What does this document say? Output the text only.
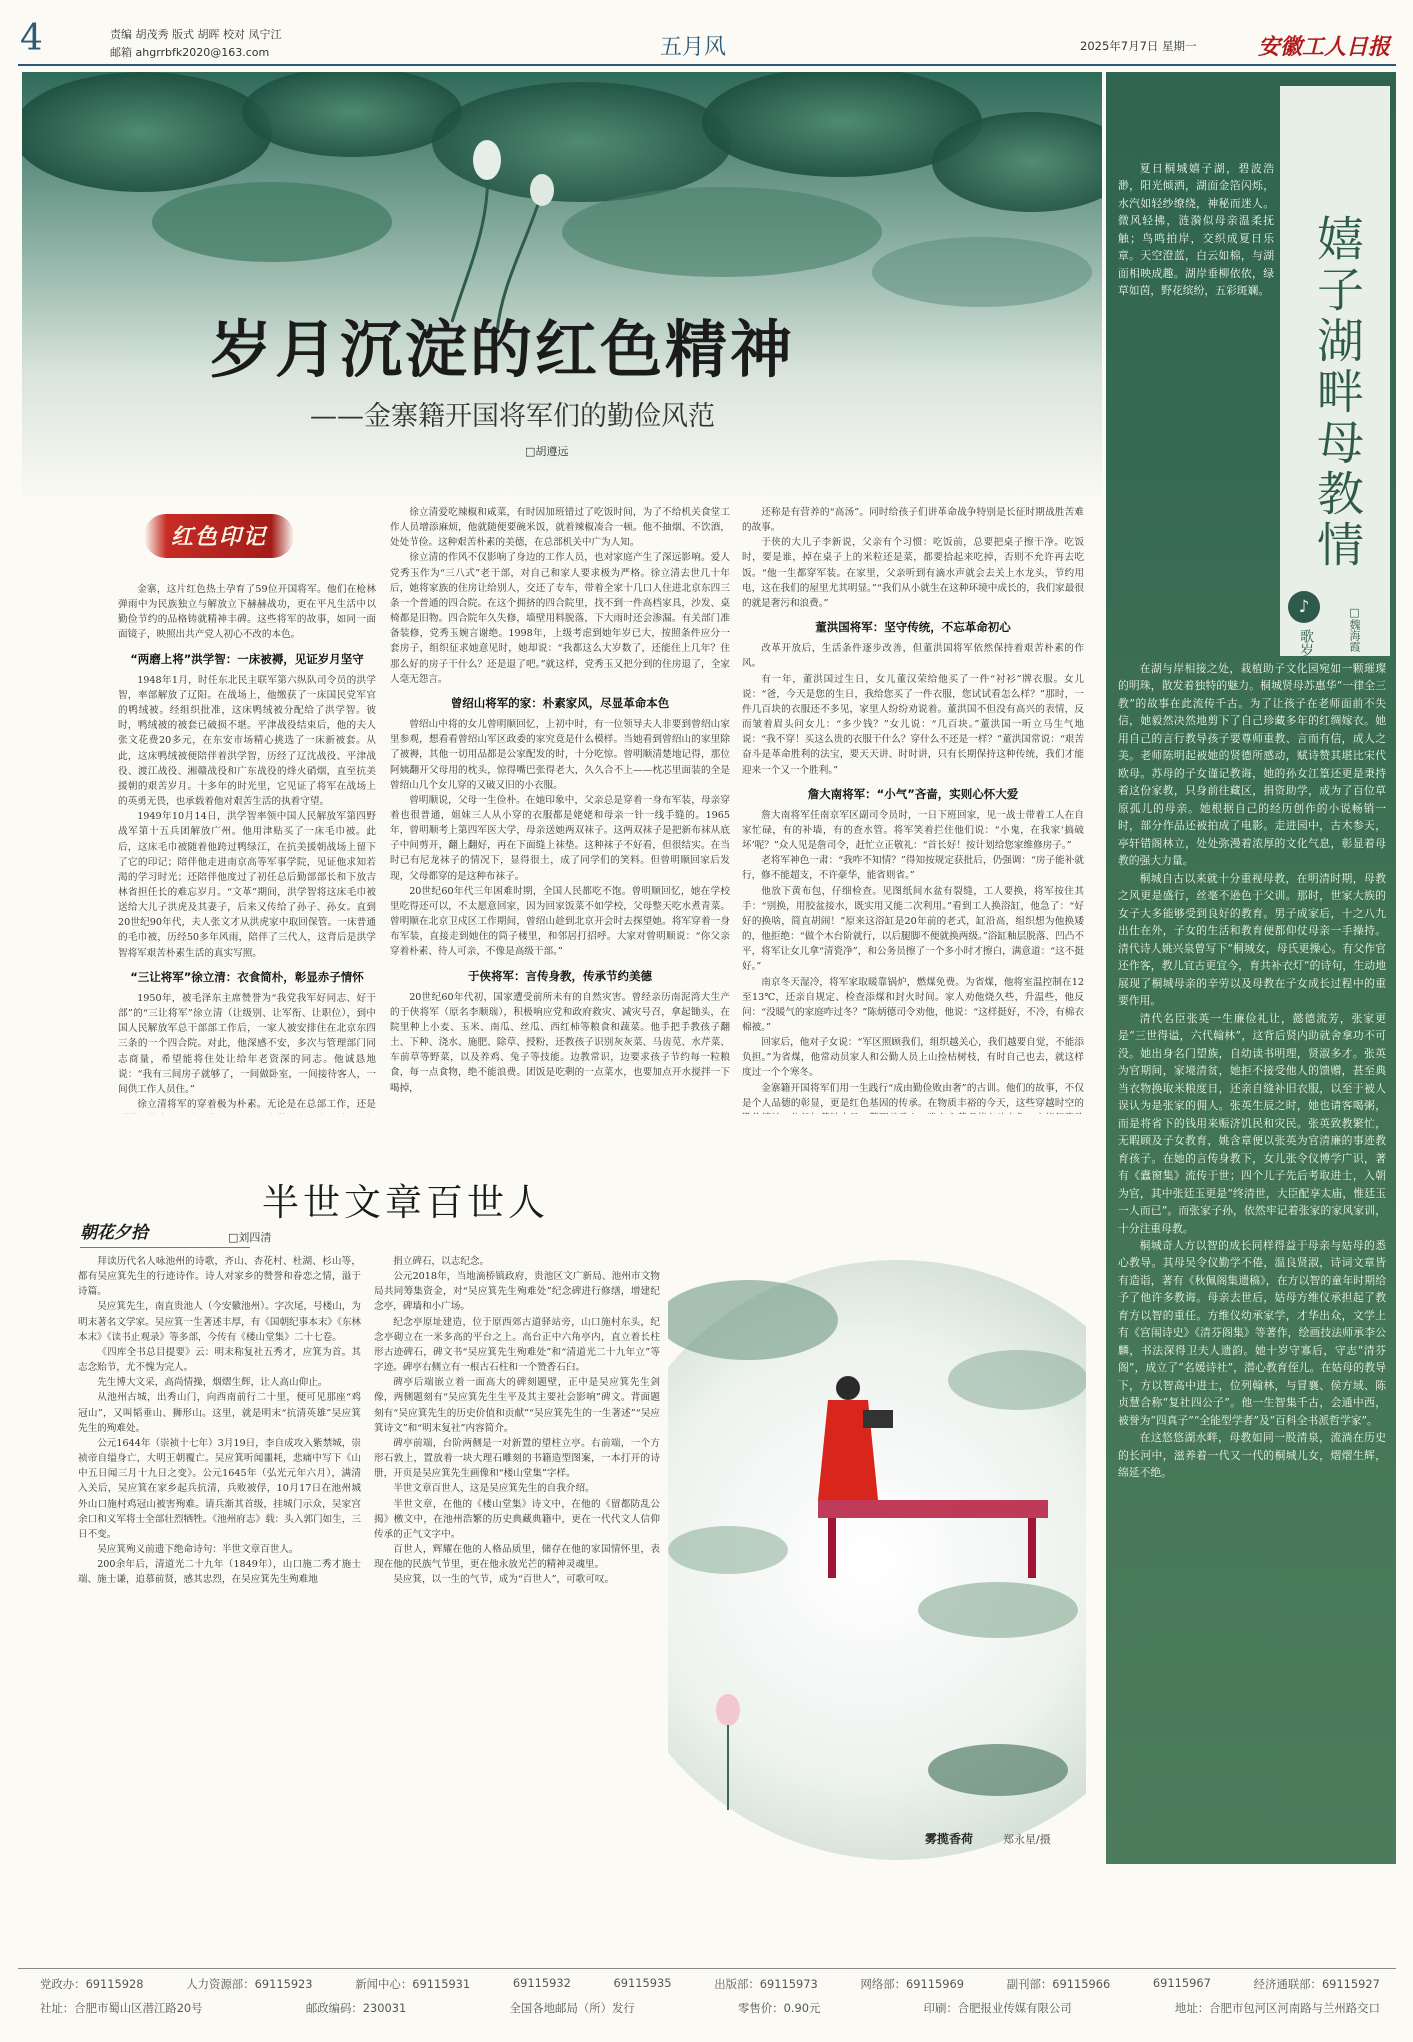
4	责编 胡茂秀 版式 胡晖 校对 凤宁江
邮箱 ahgrrbfk2020@163.com	五月风	2025年7月7日 星期一	安徽工人日报
岁月沉淀的红色精神
——金寨籍开国将军们的勤俭风范
□胡遵远
红色印记

金寨，这片红色热土孕育了59位开国将军。他们在枪林弹雨中为民族独立与解放立下赫赫战功，更在平凡生活中以勤俭节约的品格铸就精神丰碑。这些将军的故事，如同一面面镜子，映照出共产党人初心不改的本色。

“两磨上将”洪学智：一床被褥，见证岁月坚守

1948年1月，时任东北民主联军第六纵队司令员的洪学智，率部解放了辽阳。在战场上，他缴获了一床国民党军官的鸭绒被。经组织批准，这床鸭绒被分配给了洪学智。彼时，鸭绒被的被套已破损不堪。平津战役结束后，他的夫人张文花费20多元，在东安市场精心挑选了一床新被套。从此，这床鸭绒被便陪伴着洪学智，历经了辽沈战役、平津战役、渡江战役、湘赣战役和广东战役的烽火硝烟，直至抗美援朝的艰苦岁月。十多年的时光里，它见证了将军在战场上的英勇无畏，也承载着他对艰苦生活的执着守望。

1949年10月14日，洪学智率领中国人民解放军第四野战军第十五兵团解放广州。他用津贴买了一床毛巾被。此后，这床毛巾被随着他跨过鸭绿江，在抗美援朝战场上留下了它的印记；陪伴他走进南京高等军事学院，见证他求知若渴的学习时光；还陪伴他度过了初任总后勤部部长和下放吉林省担任长的难忘岁月。“文革”期间，洪学智将这床毛巾被送给大儿子洪虎及其妻子，后来又传给了孙子、孙女。直到20世纪90年代，夫人张文才从洪虎家中取回保管。一床普通的毛巾被，历经50多年风雨，陪伴了三代人，这背后是洪学智将军艰苦朴素生活的真实写照。

“三让将军”徐立清：衣食简朴，彰显赤子情怀

1950年，被毛泽东主席赞誉为“我党我军好同志、好干部”的“三让将军”徐立清（让级别、让军衔、让职位），到中国人民解放军总干部部工作后，一家人被安排住在北京东四三条的一个四合院。对此，他深感不安，多次与管理部门同志商量，希望能将住处让给年老资深的同志。他诚恳地说：“我有三间房子就够了，一间做卧室，一间接待客人，一间供工作人员住。”

徐立清将军的穿着极为朴素。无论是在总部工作，还是

徐立清爱吃辣椒和咸菜，有时因加班错过了吃饭时间，为了不给机关食堂工作人员增添麻烦，他就随便要碗米饭，就着辣椒凑合一顿。他不抽烟、不饮酒，处处节俭。这种艰苦朴素的美德，在总部机关中广为人知。

徐立清的作风不仅影响了身边的工作人员，也对家庭产生了深远影响。爱人党秀玉作为“三八式”老干部，对自己和家人要求极为严格。徐立清去世几十年后，她将家族的住房让给别人，交还了专车，带着全家十几口人住进北京东四三条一个普通的四合院。在这个拥挤的四合院里，找不到一件高档家具，沙发、桌椅都是旧物。四合院年久失修，墙壁用料脱落，下大雨时还会渗漏。有关部门准备装修，党秀玉婉言谢绝。1998年，上级考虑到她年岁已大，按照条件应分一套房子，组织征求她意见时，她却说：“我都这么大岁数了，还能住上几年？住那么好的房子干什么？还是退了吧。”就这样，党秀玉又把分到的住房退了，全家人毫无怨言。

曾绍山将军的家：朴素家风，尽显革命本色

曾绍山中将的女儿曾明顺回忆，上初中时，有一位领导夫人非要到曾绍山家里参观，想看看曾绍山军区政委的家究竟是什么模样。当她看到曾绍山的家里除了被褥，其他一切用品都是公家配发的时，十分吃惊。曾明顺清楚地记得，那位阿姨翻开父母用的枕头，惊得嘴巴张得老大，久久合不上——枕芯里面装的全是曾绍山几个女儿穿的又破又旧的小衣服。

曾明顺说，父母一生俭朴。在她印象中，父亲总是穿着一身布军装，母亲穿着也很普通，姐妹三人从小穿的衣服都是姥姥和母亲一针一线手缝的。1965年，曾明顺考上第四军医大学，母亲送她两双袜子。这两双袜子是把新布袜从底子中间剪开，翻上翻好，再在下面缝上袜垫。这种袜子不好看，但很结实。在当时已有尼龙袜子的情况下，显得很土，成了同学们的笑料。但曾明顺回家后发现，父母都穿的是这种布袜子。

20世纪60年代三年困难时期，全国人民都吃不饱。曾明顺回忆，她在学校里吃得还可以，不太愿意回家，因为回家饭菜不如学校，父母整天吃水煮青菜。曾明顺在北京卫戍区工作期间，曾绍山趁到北京开会时去探望她。将军穿着一身布军装，直接走到她住的筒子楼里，和邻居打招呼。大家对曾明顺说：“你父亲穿着朴素、待人可亲，不像是高级干部。”

于侠将军：言传身教，传承节约美德

20世纪60年代初，国家遭受前所未有的自然灾害。曾经亲历南泥湾大生产的于侠将军（原名李顺瑞），积极响应党和政府救灾、减灾号召，拿起锄头，在院里种上小麦、玉米、南瓜、丝瓜、西红柿等粮食和蔬菜。他手把手教孩子翻土、下种、浇水、施肥、除草、授粉，还教孩子识别灰灰菜、马齿苋、水芹菜、车前草等野菜，以及养鸡、兔子等技能。边教常识，边要求孩子节约每一粒粮食，每一点食物，绝不能浪费。团饭是吃剩的一点菜水，也要加点开水搅拌一下喝掉，

还称是有营养的“高汤”。同时给孩子们讲革命战争特别是长征时期战胜苦难的故事。

于侠的大儿子李新说，父亲有个习惯：吃饭前，总要把桌子擦干净。吃饭时，要是谁，掉在桌子上的米粒还是菜，都要拾起来吃掉，否则不允许再去吃饭。“他一生都穿军装。在家里，父亲听到有滴水声就会去关上水龙头，节约用电，这在我们的屋里尤其明显。”“我们从小就生在这种环境中成长的，我们家最很的就是奢污和浪费。”

董洪国将军：坚守传统，不忘革命初心

改革开放后，生活条件逐步改善，但董洪国将军依然保持着艰苦朴素的作风。

有一年，董洪国过生日，女儿董汉荣给他买了一件“衬衫”牌衣服。女儿说：“爸，今天是您的生日，我给您买了一件衣服，您试试看怎么样？”那时，一件几百块的衣服还不多见，家里人纷纷劝说着。董洪国不但没有高兴的表情，反而皱着眉头问女儿：“多少钱？”女儿说：“几百块。”董洪国一听立马生气地说：“我不穿！买这么贵的衣服干什么？穿什么不还是一样？”董洪国常说：“艰苦奋斗是革命胜利的法宝，要天天讲、时时讲，只有长期保持这种传统，我们才能迎来一个又一个胜利。”

詹大南将军：“小气”吝啬，实则心怀大爱

詹大南将军任南京军区副司令员时，一日下班回家，见一战士带着工人在自家忙碌，有的补墙，有的查水管。将军笑着拦住他们说：“小鬼，在我家‘搞破坏’呢？”众人见是詹司令，赶忙立正敬礼：“首长好！按计划给您家维修房子。”

老将军神色一肃：“我咋不知情？”得知按规定获批后，仍强调：“房子能补就行，修不能超支，不许豪华，能省则省。”

他放下黄布包，仔细检查。见图纸间水盆有裂缝，工人要换，将军按住其手：“别换，用胶盆接水，既实用又能二次利用。”看到工人换浴缸，他急了：“好好的换啥，简直胡闹！”原来这浴缸是20年前的老式，缸沿高，组织想为他换矮的，他拒绝：“做个木台阶就行，以后腿脚不便就换两级。”浴缸釉层脱落、凹凸不平，将军让女儿拿“清瓷净”，和公务员擦了一个多小时才擦白，满意道：“这不挺好。”

南京冬天湿冷，将军家取暖靠锅炉，燃煤免费。为省煤，他将室温控制在12至13℃，还亲自规定、检查添煤和封火时间。家人劝他烧久些，升温些，他反问：“没暖气的家庭咋过冬？”陈炳德司令劝他，他说：“这样挺好，不冷，有棉衣棉被。”

回家后，他对子女说：“军区照顾我们，组织越关心，我们越要自觉，不能添负担。”为省煤，他常动员家人和公勤人员上山捡枯树枝，有时自己也去，就这样度过一个个寒冬。

金寨籍开国将军们用一生践行“成由勤俭败由奢”的古训。他们的故事，不仅是个人品德的彰显，更是红色基因的传承。在物质丰裕的今天，这些穿越时空的

半世文章百世人
朝花夕拾	□刘四清

拜读历代名人咏池州的诗歌，齐山、杏花村、杜湖、杉山等，都有吴应箕先生的行迹诗作。诗人对家乡的赞誉和眷恋之情，溢于诗篇。

吴应箕先生，南直贵池人（今安徽池州）。字次尾，号楼山，为明末著名文学家。吴应箕一生著述丰厚，有《国朝纪事本末》《东林本末》《读书止观录》等多部，今传有《楼山堂集》二十七卷。

《四库全书总目提要》云：明末称复社五秀才，应箕为首。其志念贻节，尤不愧为完人。

先生博大文采，高尚情操，烟熠生辉，让人高山仰止。

从池州古城，出秀山门，向西南前行二十里，便可见那座“鸡冠山”，又叫韬垂山、狮形山。这里，就是明末“抗清英雄”吴应箕先生的殉难处。

公元1644年（崇祯十七年）3月19日，李自成攻入紫禁城，崇祯帝自缢身亡，大明王朝覆亡。吴应箕听闻噩耗，悲痛中写下《山中五日闻三月十九日之变》。公元1645年（弘光元年六月），满清入关后，吴应箕在家乡起兵抗清，兵败被俘，10月17日在池州城外山口施村鸡冠山被害殉难。请兵渐其首级，挂城门示众，吴家宫余口和义军将士全部壮烈牺牲。《池州府志》载：头入郭门如生，三日不变。

吴应箕殉义前遗下绝命诗句：半世文章百世人。

200余年后，清道光二十九年（1849年），山口施二秀才施士端、施士谦，追慕前贤，感其忠烈，在吴应箕先生殉难地

捐立碑石，以志纪念。

公元2018年，当地滴桥镇政府，贵池区文广新局、池州市文物局共同筹集资金，对“吴应箕先生殉难处”纪念碑进行修缮，增建纪念亭，碑墙和小广场。

纪念亭原址建造，位于原西郊古道驿站旁，山口施村东头，纪念亭砌立在一米多高的平台之上。高台正中六角亭内，直立着长柱形古迹碑石，碑文书“吴应箕先生殉难处”和“清道光二十九年立”等字迹。碑亭右侧立有一根古石柱和一个赞香石臼。

碑亭后端嵌立着一面高大的碑刻题壁，正中是吴应箕先生剑像，两侧题刻有“吴应箕先生生平及其主要社会影响”碑文。背面题刻有“吴应箕先生的历史价值和贡献”“吴应箕先生的一生著述”“吴应箕诗文”和“明末复社”内容简介。

碑亭前端，台阶两侧是一对新置的望柱立亭。右前端，一个方形石敦上，置放着一块大理石雕刻的书籍造型图案，一本打开的诗册，开页是吴应箕先生画像和“楼山堂集”字样。

半世文章百世人，这是吴应箕先生的自我介绍。

半世文章，在他的《楼山堂集》诗文中，在他的《留都防乱公揭》檄文中，在池州浩繁的历史典藏典籍中，更在一代代文人信仰传承的正气文字中。

百世人，辉耀在他的人格品质里，储存在他的家国情怀里，表现在他的民族气节里，更在他永放光芒的精神灵魂里。

吴应箕，以一生的气节，成为“百世人”，可歌可叹。

雾揽香荷	郑永星/摄
嬉子湖畔母教情
♪
歌岁月	□魏海霞

夏日桐城嬉子湖，碧波浩渺，阳光倾洒，湖面金箔闪烁，水汽如轻纱缭绕，神秘而迷人。微风轻拂，涟漪似母亲温柔抚触；鸟鸣拍岸，交织成夏日乐章。天空澄蓝，白云如棉，与湖面相映成趣。湖岸垂柳依依，绿草如茵，野花缤纷，五彩斑斓。

在湖与岸相接之处，栽植助子文化园宛如一颗璀璨的明珠，散发着独特的魅力。桐城贤母苏惠华“一律全三教”的故事在此流传千古。为了让孩子在老师面前不失信，她毅然决然地剪下了自己珍藏多年的红绸嫁衣。她用自己的言行教导孩子要尊师重教、言而有信，成人之美。老师陈明起被她的贤德所感动，赋诗赞其堪比宋代欧母。苏母的子女谨记教诲，她的孙女江篁还更是秉持着这份家教，只身前往藏区，捐资助学，成为了百位草原孤儿的母亲。她根据自己的经历创作的小说畅销一时，部分作品还被拍成了电影。走进园中，古木参天，亭轩错阁林立，处处弥漫着浓厚的文化气息，彰显着母教的强大力量。

桐城自古以来就十分重视母教，在明清时期，母教之风更是盛行，丝毫不逊色于父训。那时，世家大族的女子大多能够受到良好的教育。男子成家后，十之八九出仕在外，子女的生活和教育便都仰仗母亲一手操持。清代诗人姚兴泉曾写下“桐城女，母氏更操心。有父作官还作客，教儿宜古更宜今，育共补衣灯”的诗句，生动地展现了桐城母亲的辛劳以及母教在子女成长过程中的重要作用。

清代名臣张英一生廉俭礼让，懿德流芳，张家更是“三世得谥，六代翰林”，这背后贤内助就舍拿功不可没。她出身名门望族，自幼读书明理，贤淑多才。张英为官期间，家境清贫，她拒不接受他人的馈赠，甚至典当衣物换取米粮度日，还亲自缝补旧衣服，以至于被人误认为是张家的佣人。张英生辰之时，她也请客喝粥，而是将省下的钱用来赈济饥民和灾民。张英致教繁忙，无暇顾及子女教育，姚含章便以张英为官清廉的事迹教育孩子。在她的言传身教下，女儿张令仪博学广识，著有《蠹窗集》流传于世；四个儿子先后考取进士，入朝为官，其中张廷玉更是“终清世，大臣配享太庙，惟廷玉一人而已”。而张家子孙，依然牢记着张家的家风家训，十分注重母教。

桐城奇人方以智的成长同样得益于母亲与姑母的悉心教导。其母吴令仪勤学不倦，温良贤淑，诗词文章皆有造诣，著有《秋佩阁集遗稿》，在方以智的童年时期给予了他许多教诲。母亲去世后，姑母方维仪承担起了教育方以智的重任。方维仪幼承家学，才华出众，文学上有《宫闱诗史》《清芬阁集》等著作，绘画技法师承李公麟，书法深得卫夫人遗韵。她十岁守寡后，守志“清芬阁”，成立了“名媛诗社”，潜心教育侄儿。在姑母的教导下，方以智高中进士，位列翰林，与冒襄、侯方域、陈贞慧合称“复社四公子”。他一生智集千古，会通中西，被誉为“四真子”“全能型学者”及“百科全书派哲学家”。

在这悠悠湖水畔，母教如同一股清泉，流淌在历史的长河中，滋养着一代又一代的桐城儿女，熠熠生辉，绵延不绝。

党政办：69115928	人力资源部：69115923	新闻中心：69115931	69115932	69115935	出版部：69115973	网络部：69115969	副刊部：69115966	69115967	经济通联部：69115927
社址：合肥市蜀山区潜江路20号	邮政编码：230031	全国各地邮局（所）发行	零售价：0.90元	印刷：合肥报业传媒有限公司	地址：合肥市包河区河南路与兰州路交口
